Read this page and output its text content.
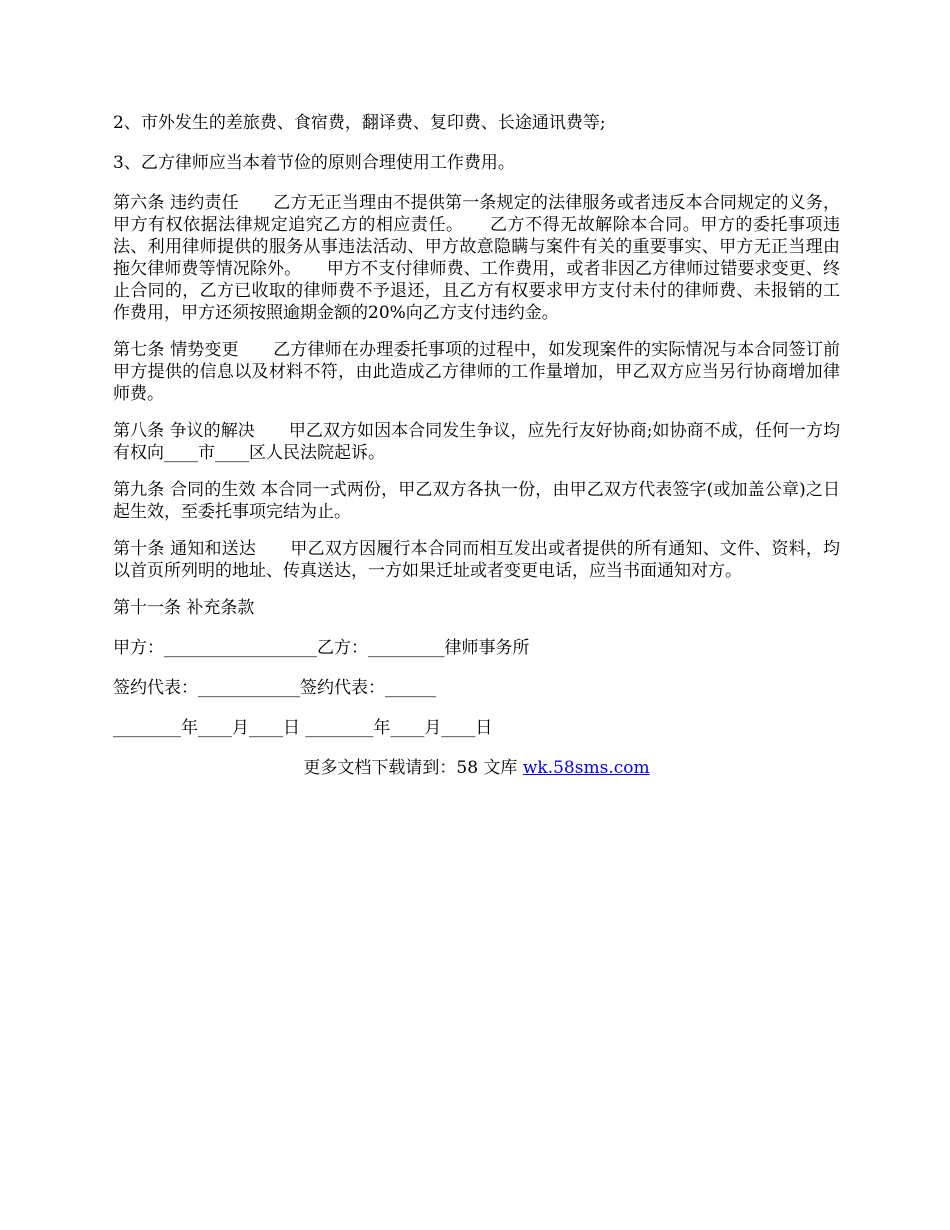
2、市外发生的差旅费、食宿费，翻译费、复印费、长途通讯费等;

3、乙方律师应当本着节俭的原则合理使用工作费用。

第六条 违约责任　　乙方无正当理由不提供第一条规定的法律服务或者违反本合同规定的义务，甲方有权依据法律规定追究乙方的相应责任。　　乙方不得无故解除本合同。甲方的委托事项违法、利用律师提供的服务从事违法活动、甲方故意隐瞒与案件有关的重要事实、甲方无正当理由拖欠律师费等情况除外。　　甲方不支付律师费、工作费用，或者非因乙方律师过错要求变更、终止合同的，乙方已收取的律师费不予退还，且乙方有权要求甲方支付未付的律师费、未报销的工作费用，甲方还须按照逾期金额的20%向乙方支付违约金。

第七条 情势变更　　乙方律师在办理委托事项的过程中，如发现案件的实际情况与本合同签订前甲方提供的信息以及材料不符，由此造成乙方律师的工作量增加，甲乙双方应当另行协商增加律师费。

第八条 争议的解决　　甲乙双方如因本合同发生争议，应先行友好协商;如协商不成，任何一方均有权向____市____区人民法院起诉。

第九条 合同的生效 本合同一式两份，甲乙双方各执一份，由甲乙双方代表签字(或加盖公章)之日起生效，至委托事项完结为止。

第十条 通知和送达　　甲乙双方因履行本合同而相互发出或者提供的所有通知、文件、资料，均以首页所列明的地址、传真送达，一方如果迁址或者变更电话，应当书面通知对方。

第十一条 补充条款

甲方：__________________乙方：_________律师事务所

签约代表：____________签约代表：______

________年____月____日 ________年____月____日

更多文档下载请到：58 文库 wk.58sms.com
